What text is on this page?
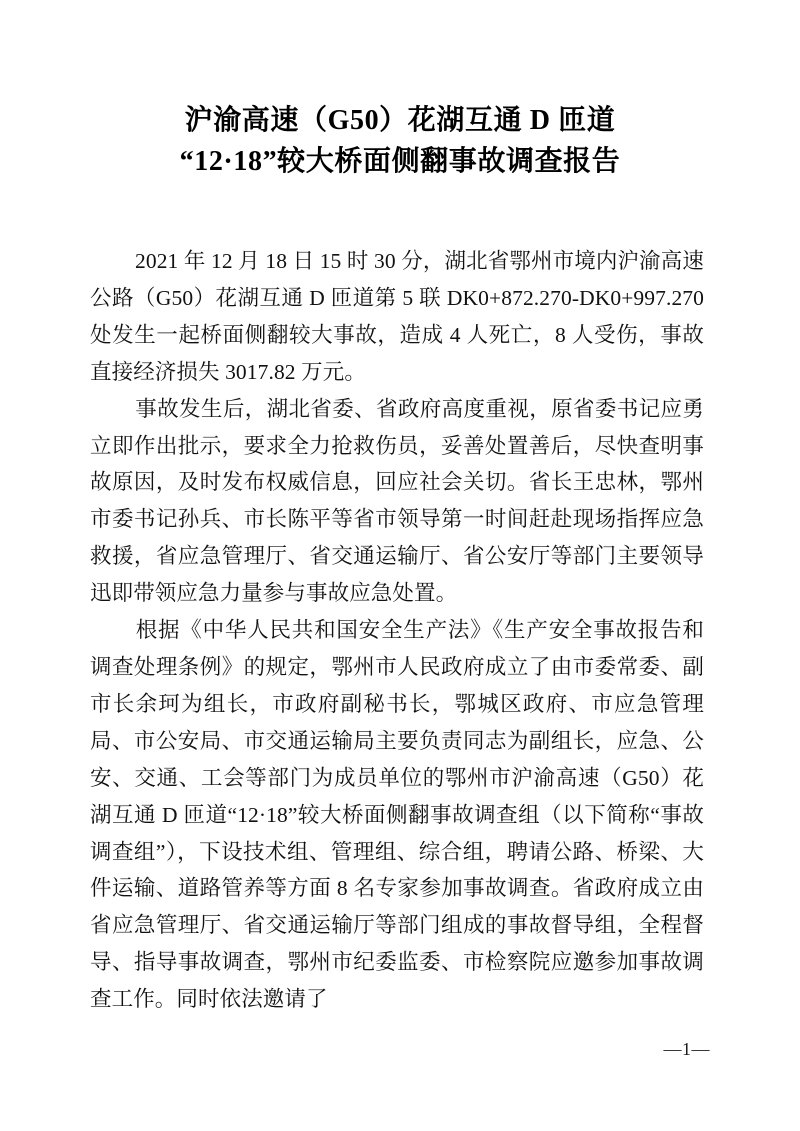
沪渝高速（G50）花湖互通 D 匝道
“12·18”较大桥面侧翻事故调查报告

2021 年 12 月 18 日 15 时 30 分，湖北省鄂州市境内沪渝高速公路（G50）花湖互通 D 匝道第 5 联 DK0+872.270-DK0+997.270 处发生一起桥面侧翻较大事故，造成 4 人死亡，8 人受伤，事故直接经济损失 3017.82 万元。

事故发生后，湖北省委、省政府高度重视，原省委书记应勇立即作出批示，要求全力抢救伤员，妥善处置善后，尽快查明事故原因，及时发布权威信息，回应社会关切。省长王忠林，鄂州市委书记孙兵、市长陈平等省市领导第一时间赶赴现场指挥应急救援，省应急管理厅、省交通运输厅、省公安厅等部门主要领导迅即带领应急力量参与事故应急处置。

根据《中华人民共和国安全生产法》《生产安全事故报告和调查处理条例》的规定，鄂州市人民政府成立了由市委常委、副市长余珂为组长，市政府副秘书长，鄂城区政府、市应急管理局、市公安局、市交通运输局主要负责同志为副组长，应急、公安、交通、工会等部门为成员单位的鄂州市沪渝高速（G50）花湖互通 D 匝道“12·18”较大桥面侧翻事故调查组（以下简称“事故调查组”），下设技术组、管理组、综合组，聘请公路、桥梁、大件运输、道路管养等方面 8 名专家参加事故调查。省政府成立由省应急管理厅、省交通运输厅等部门组成的事故督导组，全程督导、指导事故调查，鄂州市纪委监委、市检察院应邀参加事故调查工作。同时依法邀请了

—1—
